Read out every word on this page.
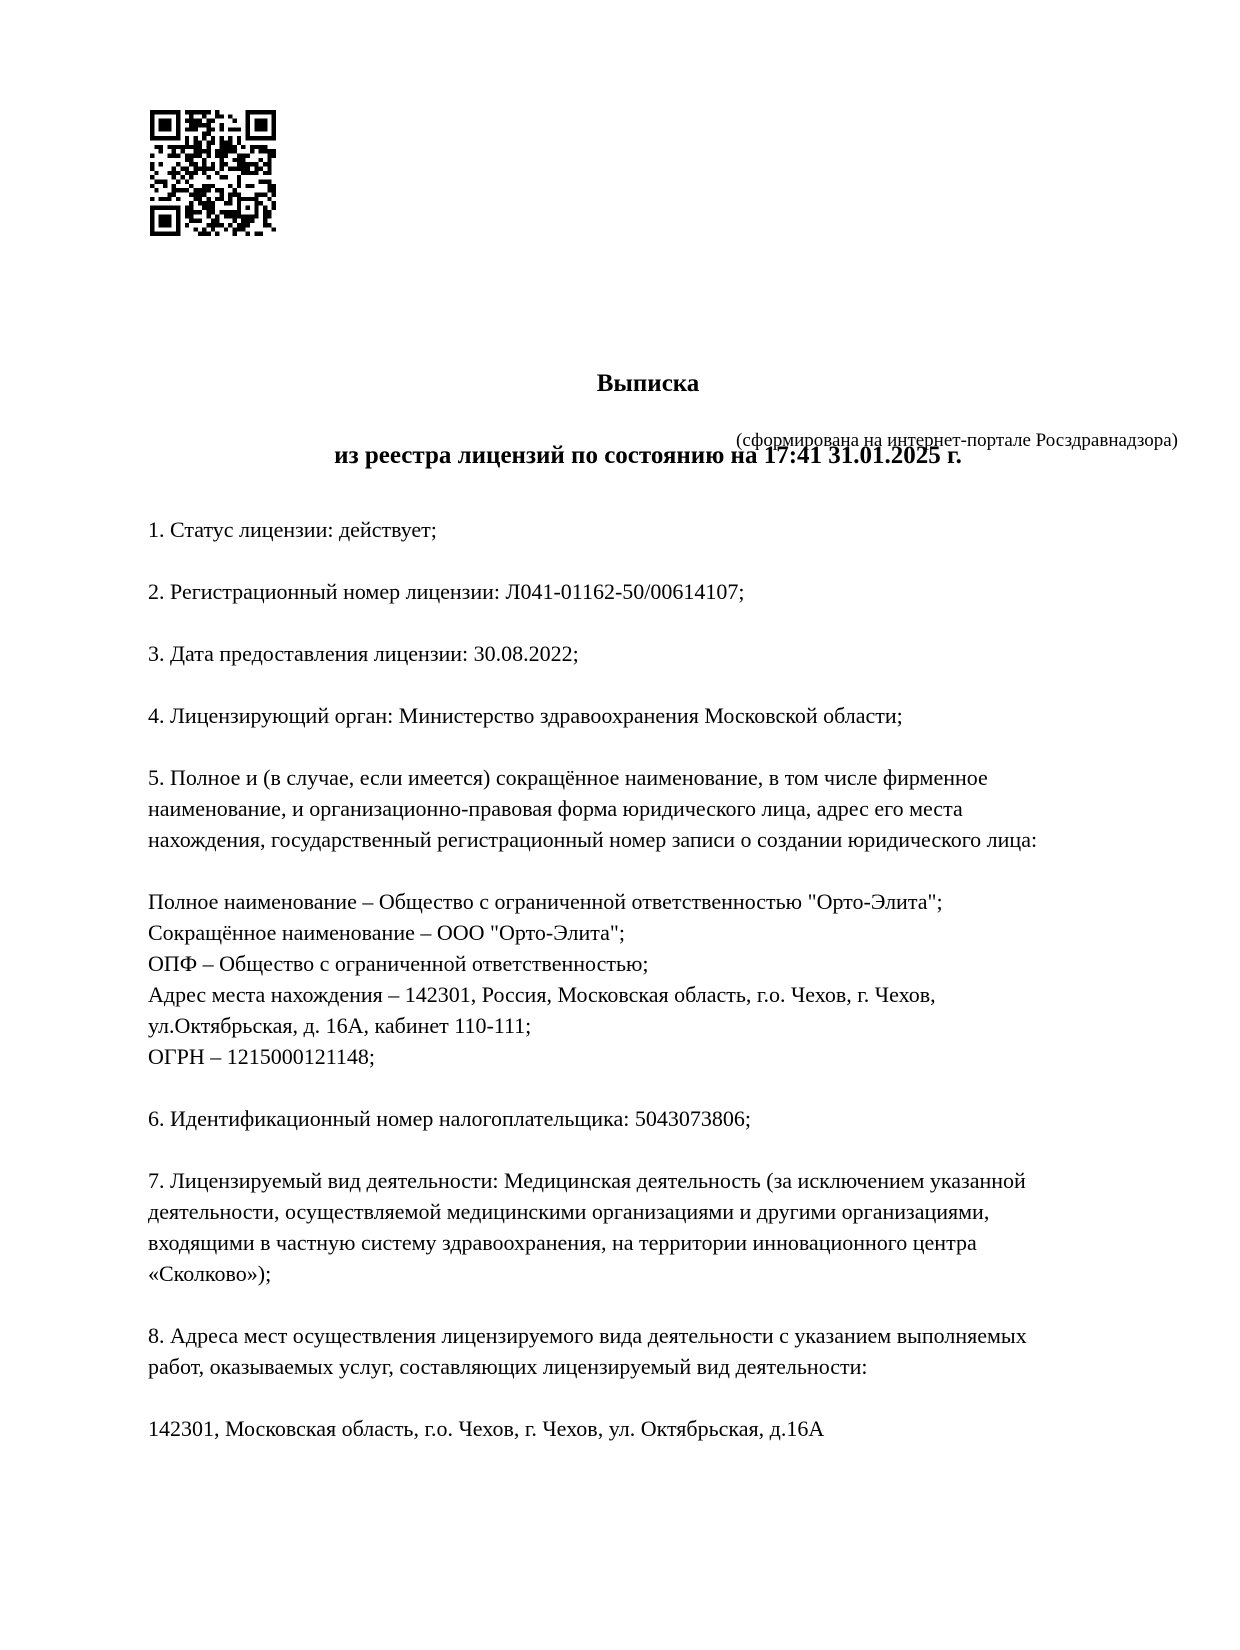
Выписка

из реестра лицензий по состоянию на 17:41 31.01.2025 г.

(сформирована на интернет-портале Росздравнадзора)

1. Статус лицензии: действует;

2. Регистрационный номер лицензии: Л041-01162-50/00614107;

3. Дата предоставления лицензии: 30.08.2022;

4. Лицензирующий орган: Министерство здравоохранения Московской области;

5. Полное и (в случае, если имеется) сокращённое наименование, в том числе фирменное
наименование, и организационно-правовая форма юридического лица, адрес его места
нахождения, государственный регистрационный номер записи о создании юридического лица:

Полное наименование – Общество с ограниченной ответственностью "Орто-Элита";
Сокращённое наименование – ООО "Орто-Элита";
ОПФ – Общество с ограниченной ответственностью;
Адрес места нахождения – 142301, Россия, Московская область, г.о. Чехов, г. Чехов,
ул.Октябрьская, д. 16А, кабинет 110-111;
ОГРН – 1215000121148;

6. Идентификационный номер налогоплательщика: 5043073806;

7. Лицензируемый вид деятельности: Медицинская деятельность (за исключением указанной
деятельности, осуществляемой медицинскими организациями и другими организациями,
входящими в частную систему здравоохранения, на территории инновационного центра
«Сколково»);

8. Адреса мест осуществления лицензируемого вида деятельности с указанием выполняемых
работ, оказываемых услуг, составляющих лицензируемый вид деятельности:

142301, Московская область, г.о. Чехов, г. Чехов, ул. Октябрьская, д.16А
